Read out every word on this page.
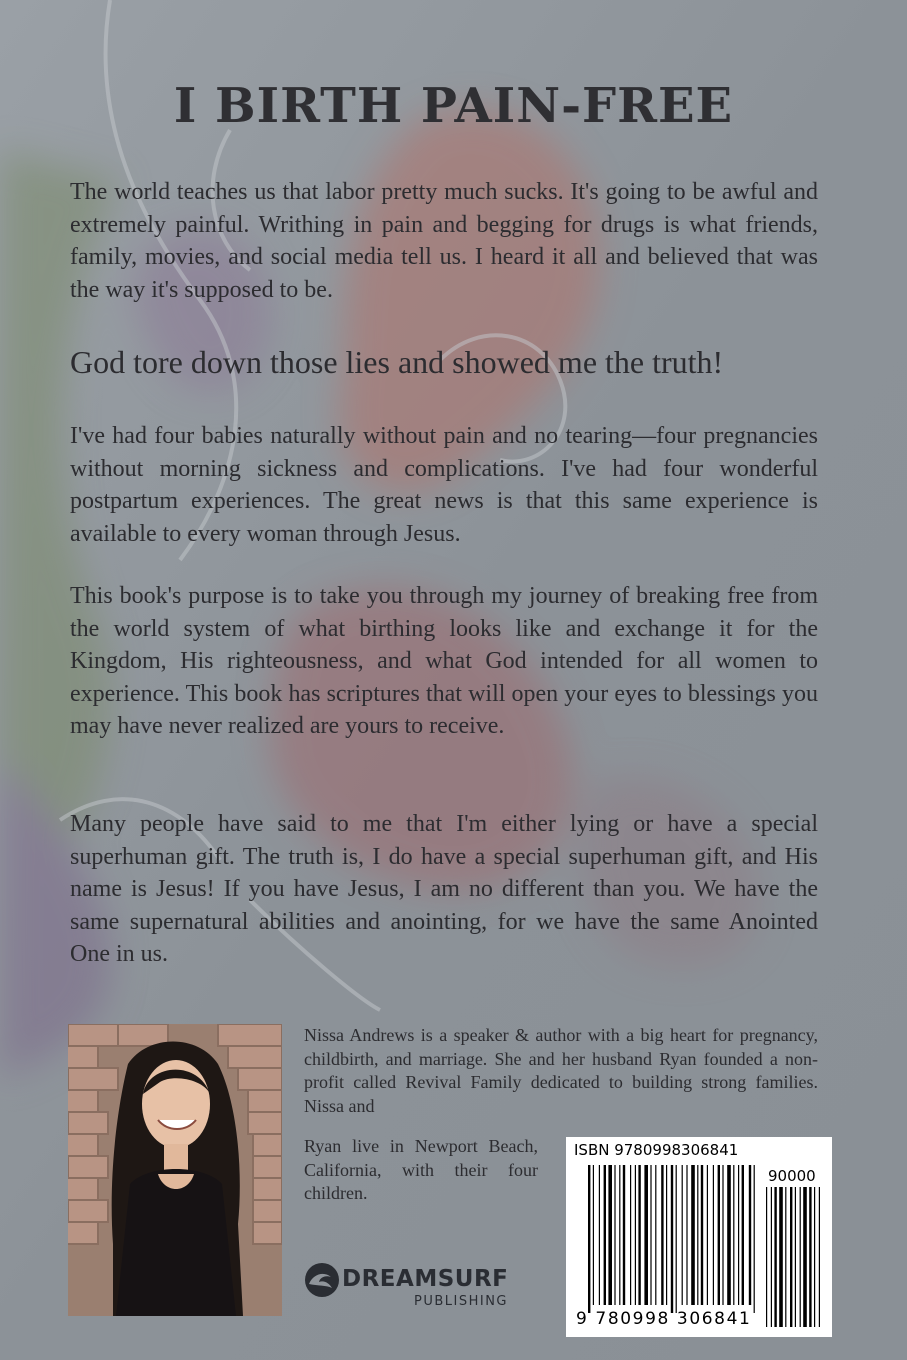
I BIRTH PAIN-FREE

The world teaches us that labor pretty much sucks. It's going to be awful and extremely painful. Writhing in pain and begging for drugs is what friends, family, movies, and social media tell us. I heard it all and believed that was the way it's supposed to be.

God tore down those lies and showed me the truth!

I've had four babies naturally without pain and no tearing—four pregnancies without morning sickness and complications. I've had four wonderful postpartum experiences. The great news is that this same experience is available to every woman through Jesus.

This book's purpose is to take you through my journey of breaking free from the world system of what birthing looks like and exchange it for the Kingdom, His righteousness, and what God intended for all women to experience. This book has scriptures that will open your eyes to blessings you may have never realized are yours to receive.

Many people have said to me that I'm either lying or have a special superhuman gift. The truth is, I do have a special superhuman gift, and His name is Jesus! If you have Jesus, I am no different than you. We have the same supernatural abilities and anointing, for we have the same Anointed One in us.

Nissa Andrews is a speaker & author with a big heart for pregnancy, childbirth, and marriage. She and her husband Ryan founded a non-profit called Revival Family dedicated to building strong families. Nissa and

Ryan live in Newport Beach, California, with their four children.

DREAMSURF
PUBLISHING
ISBN 9780998306841
90000
9 780998 306841
